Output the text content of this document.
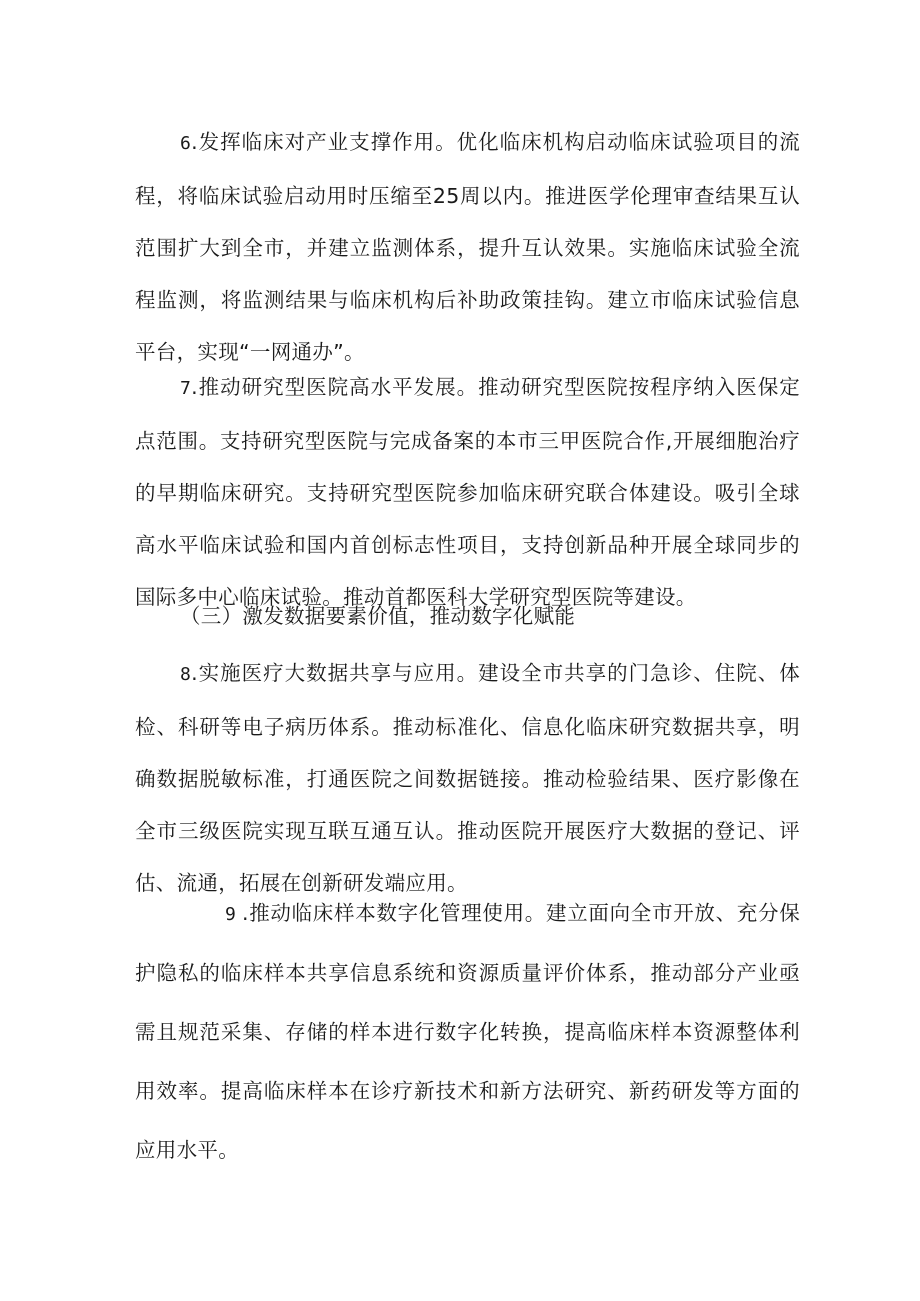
6.发挥临床对产业支撑作用。优化临床机构启动临床试验项目的流程，将临床试验启动用时压缩至25周以内。推进医学伦理审查结果互认范围扩大到全市，并建立监测体系，提升互认效果。实施临床试验全流程监测，将监测结果与临床机构后补助政策挂钩。建立市临床试验信息平台，实现“一网通办”。

7.推动研究型医院高水平发展。推动研究型医院按程序纳入医保定点范围。支持研究型医院与完成备案的本市三甲医院合作,开展细胞治疗的早期临床研究。支持研究型医院参加临床研究联合体建设。吸引全球高水平临床试验和国内首创标志性项目，支持创新品种开展全球同步的国际多中心临床试验。推动首都医科大学研究型医院等建设。

（三）激发数据要素价值，推动数字化赋能

8.实施医疗大数据共享与应用。建设全市共享的门急诊、住院、体检、科研等电子病历体系。推动标准化、信息化临床研究数据共享，明确数据脱敏标准，打通医院之间数据链接。推动检验结果、医疗影像在全市三级医院实现互联互通互认。推动医院开展医疗大数据的登记、评估、流通，拓展在创新研发端应用。

9 .推动临床样本数字化管理使用。建立面向全市开放、充分保护隐私的临床样本共享信息系统和资源质量评价体系，推动部分产业亟需且规范采集、存储的样本进行数字化转换，提高临床样本资源整体利用效率。提高临床样本在诊疗新技术和新方法研究、新药研发等方面的应用水平。
